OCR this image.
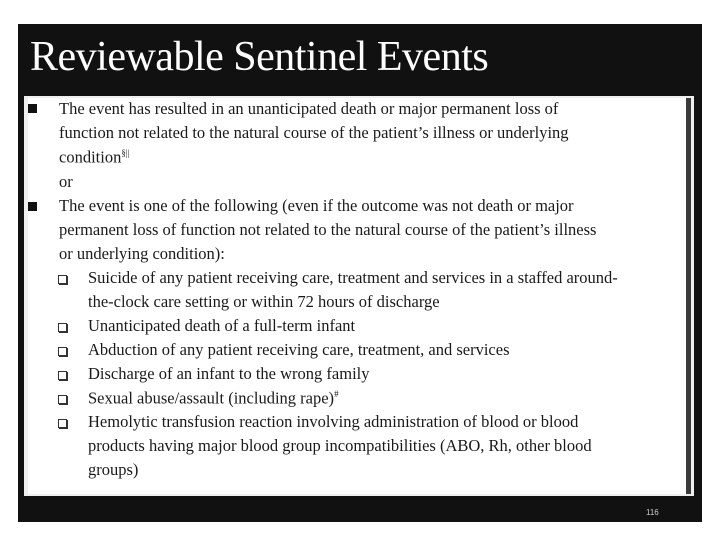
Reviewable Sentinel Events
The event has resulted in an unanticipated death or major permanent loss of
function not related to the natural course of the patient’s illness or underlying
condition§||
or
The event is one of the following (even if the outcome was not death or major
permanent loss of function not related to the natural course of the patient’s illness
or underlying condition):
Suicide of any patient receiving care, treatment and services in a staffed around-
the-clock care setting or within 72 hours of discharge
Unanticipated death of a full-term infant
Abduction of any patient receiving care, treatment, and services
Discharge of an infant to the wrong family
Sexual abuse/assault (including rape)#
Hemolytic transfusion reaction involving administration of blood or blood
products having major blood group incompatibilities (ABO, Rh, other blood
groups)
116
